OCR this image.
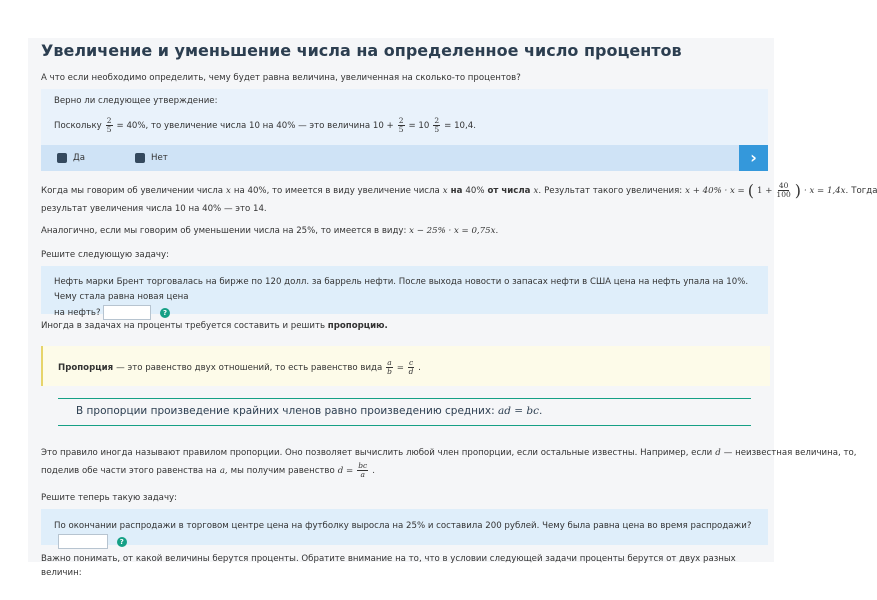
Увеличение и уменьшение числа на определенное число процентов
А что если необходимо определить, чему будет равна величина, увеличенная на сколько-то процентов?
Верно ли следующее утверждение:
Поскольку $\frac{2}{5} = 40\%$, то увеличение числа 10 на 40% — это величина $10 + \frac{2}{5} = 10 \frac{2}{5} = 10,4$.
Да	Нет	›
Когда мы говорим об увеличении числа x на 40%, то имеется в виду увеличение числа x на 40% от числа x. Результат такого увеличения: x + 40% · x = ( $1 + \frac{40}{100}$ ) · x = 1,4x. Тогда
результат увеличения числа 10 на 40% — это 14.
Аналогично, если мы говорим об уменьшении числа на 25%, то имеется в виду: x − 25% · x = 0,75x.
Решите следующую задачу:
Нефть марки Брент торговалась на бирже по 120 долл. за баррель нефти. После выхода новости о запасах нефти в США цена на нефть упала на 10%. Чему стала равна новая цена
на нефть?	?
Иногда в задачах на проценты требуется составить и решить пропорцию.
Пропорция — это равенство двух отношений, то есть равенство вида $\frac{a}{b} = \frac{c}{d}$ .
В пропорции произведение крайних членов равно произведению средних: ad = bc.
Это правило иногда называют правилом пропорции. Оно позволяет вычислить любой член пропорции, если остальные известны. Например, если d — неизвестная величина, то,
поделив обе части этого равенства на a, мы получим равенство $d = \frac{bc}{a}$ .
Решите теперь такую задачу:
По окончании распродажи в торговом центре цена на футболку выросла на 25% и составила 200 рублей. Чему была равна цена во время распродажи?  ?
Важно понимать, от какой величины берутся проценты. Обратите внимание на то, что в условии следующей задачи проценты берутся от двух разных величин:
